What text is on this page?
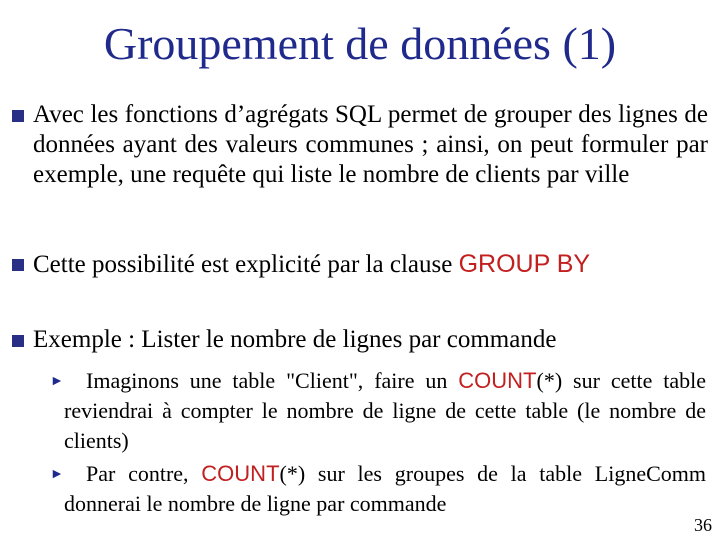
Groupement de données (1)
Avec les fonctions d’agrégats SQL permet de grouper des lignes de données ayant des valeurs communes ; ainsi, on peut formuler par exemple, une requête qui liste le nombre de clients par ville
Cette possibilité est explicité par la clause GROUP BY
Exemple : Lister le nombre de lignes par commande
►
 	Imaginons une table "Client", faire un COUNT(*) sur cette table reviendrai à compter le nombre de ligne de cette table (le nombre de clients)
►
 	Par contre, COUNT(*) sur les groupes de la table LigneComm donnerai le nombre de ligne par commande
36
